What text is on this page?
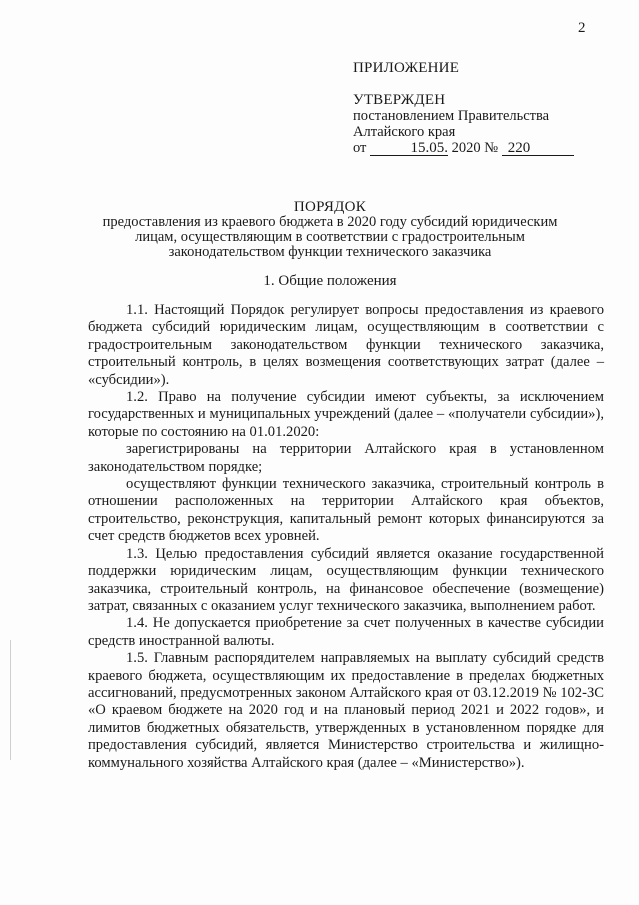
2
ПРИЛОЖЕНИЕ
УТВЕРЖДЕН
постановлением Правительства
Алтайского края
от	15.05. 2020 № 220
ПОРЯДОК
предоставления из краевого бюджета в 2020 году субсидий юридическим
лицам, осуществляющим в соответствии с градостроительным
законодательством функции технического заказчика
1. Общие положения

1.1. Настоящий Порядок регулирует вопросы предоставления из краевого бюджета субсидий юридическим лицам, осуществляющим в соответствии с градостроительным законодательством функции технического заказчика, строительный контроль, в целях возмещения соответствующих затрат (далее – «субсидии»).

1.2. Право на получение субсидии имеют субъекты, за исключением государственных и муниципальных учреждений (далее – «получатели субсидии»), которые по состоянию на 01.01.2020:

зарегистрированы на территории Алтайского края в установленном законодательством порядке;

осуществляют функции технического заказчика, строительный контроль в отношении расположенных на территории Алтайского края объектов, строительство, реконструкция, капитальный ремонт которых финансируются за счет средств бюджетов всех уровней.

1.3. Целью предоставления субсидий является оказание государственной поддержки юридическим лицам, осуществляющим функции технического заказчика, строительный контроль, на финансовое обеспечение (возмещение) затрат, связанных с оказанием услуг технического заказчика, выполнением работ.

1.4. Не допускается приобретение за счет полученных в качестве субсидии средств иностранной валюты.

1.5. Главным распорядителем направляемых на выплату субсидий средств краевого бюджета, осуществляющим их предоставление в пределах бюджетных ассигнований, предусмотренных законом Алтайского края от 03.12.2019 № 102-ЗС «О краевом бюджете на 2020 год и на плановый период 2021 и 2022 годов», и лимитов бюджетных обязательств, утвержденных в установленном порядке для предоставления субсидий, является Министерство строительства и жилищно-коммунального хозяйства Алтайского края (далее – «Министерство»).
